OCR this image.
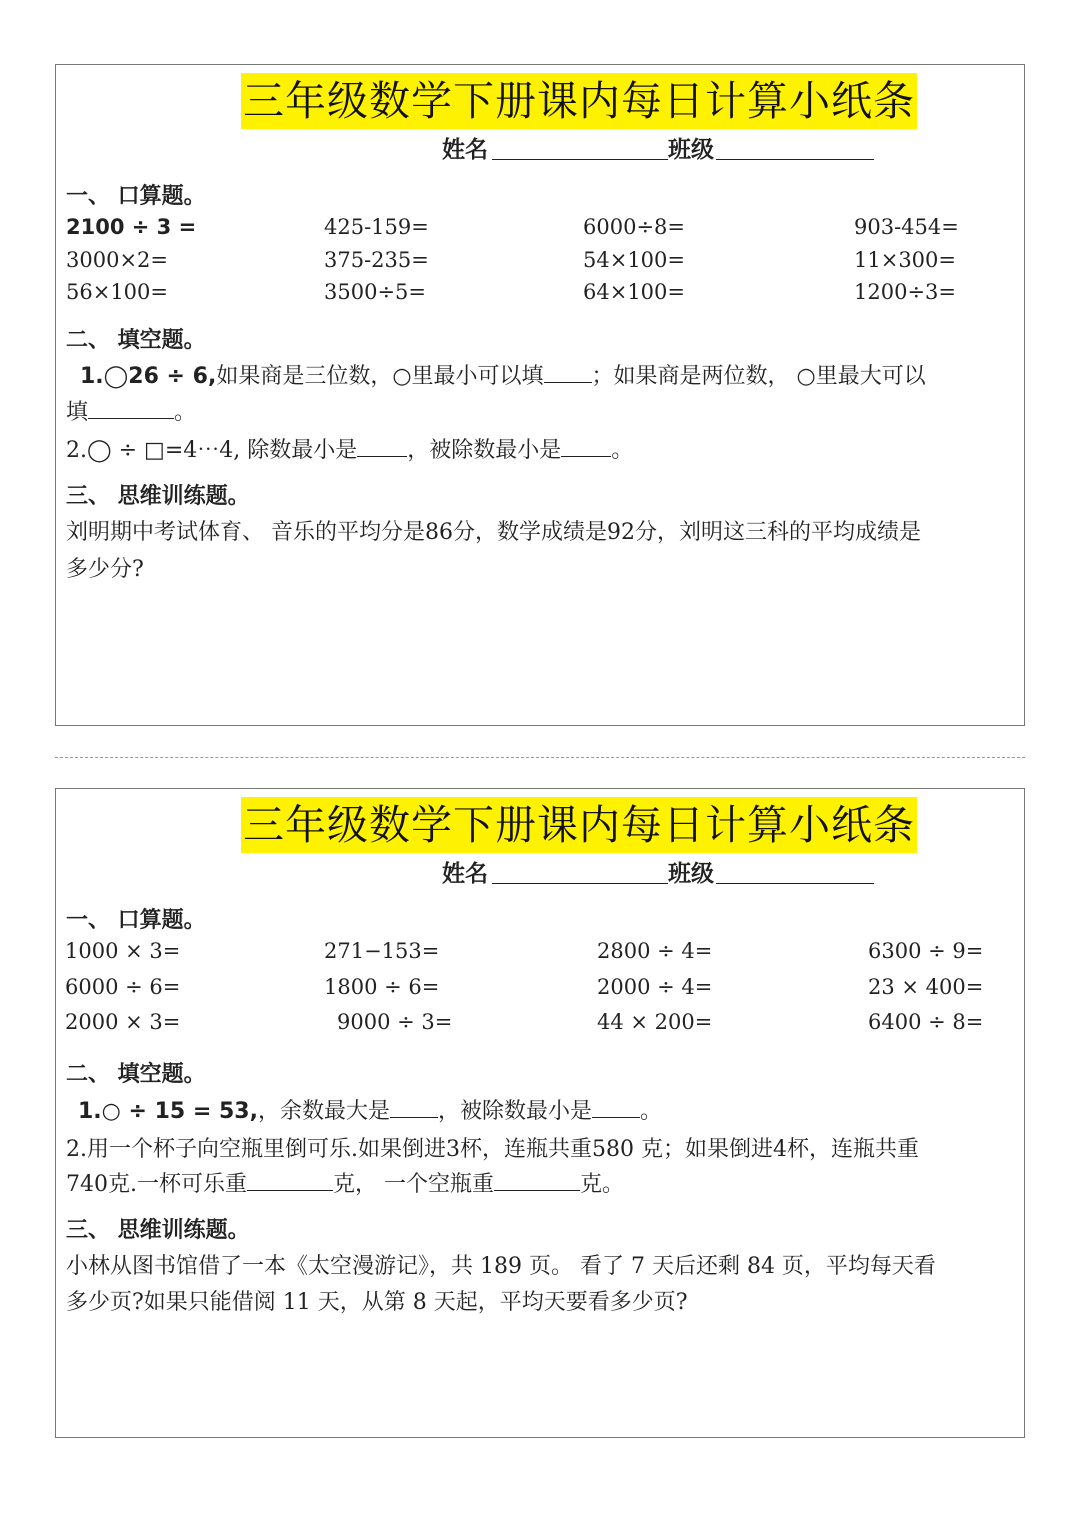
三年级数学下册课内每日计算小纸条
姓名	班级
一、 口算题。
2100 ÷ 3 =	425-159=	6000÷8=	903-454=
3000×2=	375-235=	54×100=	11×300=
56×100=	3500÷5=	64×100=	1200÷3=
二、 填空题。
1.◯26 ÷ 6,如果商是三位数，○里最小可以填 ；如果商是两位数， ○里最大可以
填	。
2.◯ ÷ □=4⋯4, 除数最小是 ，被除数最小是 。
三、 思维训练题。
刘明期中考试体育、 音乐的平均分是86分，数学成绩是92分，刘明这三科的平均成绩是
多少分?
三年级数学下册课内每日计算小纸条
姓名	班级
一、 口算题。
1000 × 3=	271−153=	2800 ÷ 4=	6300 ÷ 9=
6000 ÷ 6=	1800 ÷ 6=	2000 ÷ 4=	23 × 400=
2000 × 3=	9000 ÷ 3=	44 × 200=	6400 ÷ 8=
二、 填空题。
1.○ ÷ 15 = 53,，余数最大是 ，被除数最小是 。
2.用一个杯子向空瓶里倒可乐.如果倒进3杯，连瓶共重580 克；如果倒进4杯，连瓶共重
740克.一杯可乐重	克， 一个空瓶重	克。
三、 思维训练题。
小林从图书馆借了一本《太空漫游记》，共 189 页。 看了 7 天后还剩 84 页，平均每天看
多少页?如果只能借阅 11 天，从第 8 天起，平均天要看多少页?
